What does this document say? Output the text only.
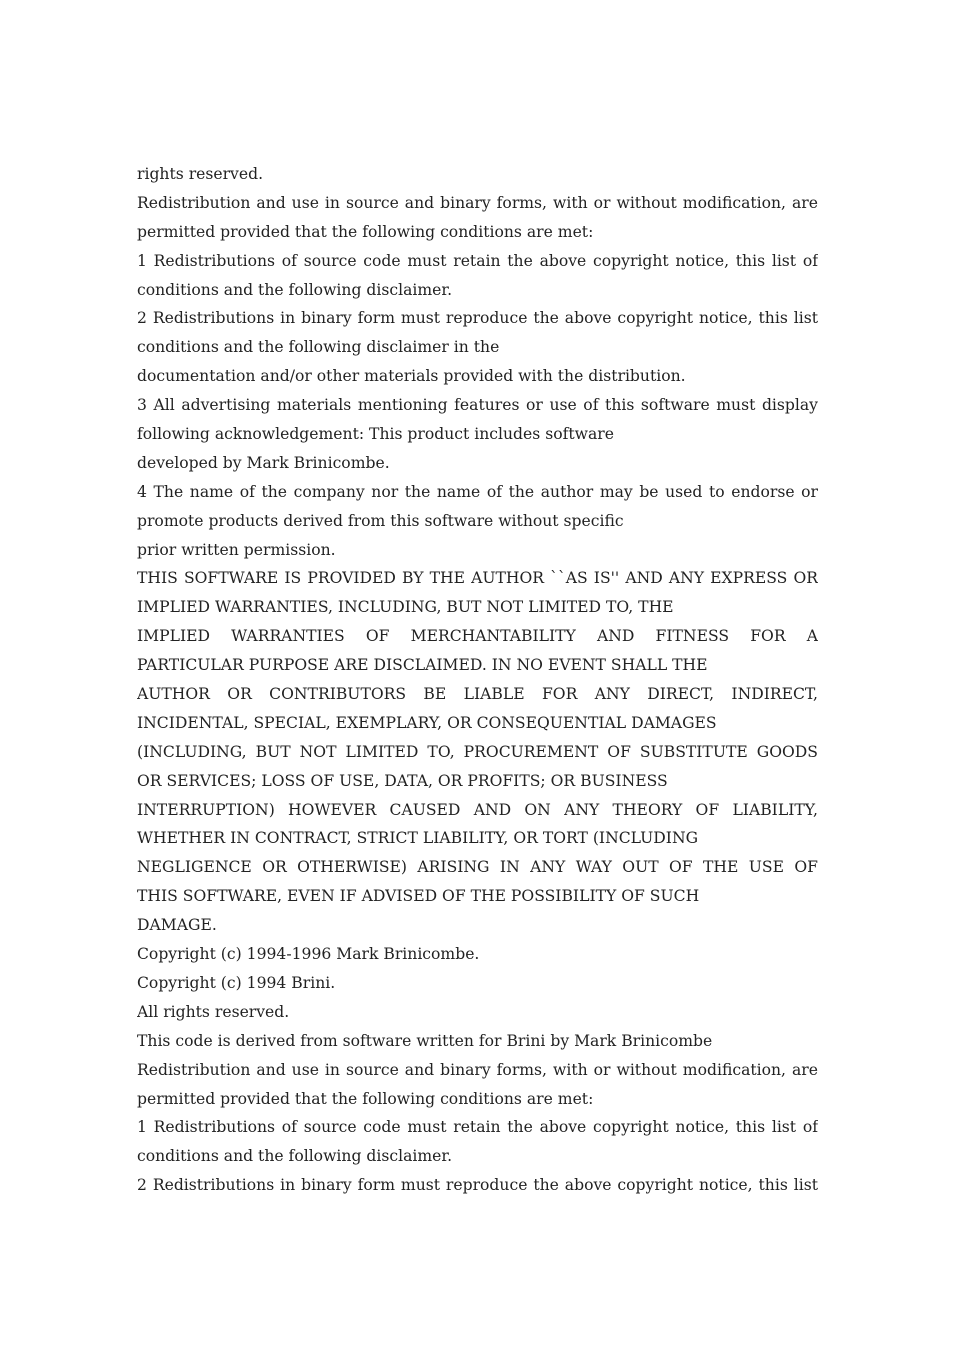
rights reserved.
Redistribution and use in source and binary forms, with or without modification, are
permitted provided that the following conditions are met:
1 Redistributions of source code must retain the above copyright notice, this list of
conditions and the following disclaimer.
2 Redistributions in binary form must reproduce the above copyright notice, this list
conditions and the following disclaimer in the
documentation and/or other materials provided with the distribution.
3 All advertising materials mentioning features or use of this software must display
following acknowledgement: This product includes software
developed by Mark Brinicombe.
4 The name of the company nor the name of the author may be used to endorse or
promote products derived from this software without specific
prior written permission.
THIS SOFTWARE IS PROVIDED BY THE AUTHOR ``AS IS'' AND ANY EXPRESS OR
IMPLIED WARRANTIES, INCLUDING, BUT NOT LIMITED TO, THE
IMPLIED WARRANTIES OF MERCHANTABILITY AND FITNESS FOR A
PARTICULAR PURPOSE ARE DISCLAIMED. IN NO EVENT SHALL THE
AUTHOR OR CONTRIBUTORS BE LIABLE FOR ANY DIRECT, INDIRECT,
INCIDENTAL, SPECIAL, EXEMPLARY, OR CONSEQUENTIAL DAMAGES
(INCLUDING, BUT NOT LIMITED TO, PROCUREMENT OF SUBSTITUTE GOODS
OR SERVICES; LOSS OF USE, DATA, OR PROFITS; OR BUSINESS
INTERRUPTION) HOWEVER CAUSED AND ON ANY THEORY OF LIABILITY,
WHETHER IN CONTRACT, STRICT LIABILITY, OR TORT (INCLUDING
NEGLIGENCE OR OTHERWISE) ARISING IN ANY WAY OUT OF THE USE OF
THIS SOFTWARE, EVEN IF ADVISED OF THE POSSIBILITY OF SUCH
DAMAGE.
Copyright (c) 1994-1996 Mark Brinicombe.
Copyright (c) 1994 Brini.
All rights reserved.
This code is derived from software written for Brini by Mark Brinicombe
Redistribution and use in source and binary forms, with or without modification, are
permitted provided that the following conditions are met:
1 Redistributions of source code must retain the above copyright notice, this list of
conditions and the following disclaimer.
2 Redistributions in binary form must reproduce the above copyright notice, this list
